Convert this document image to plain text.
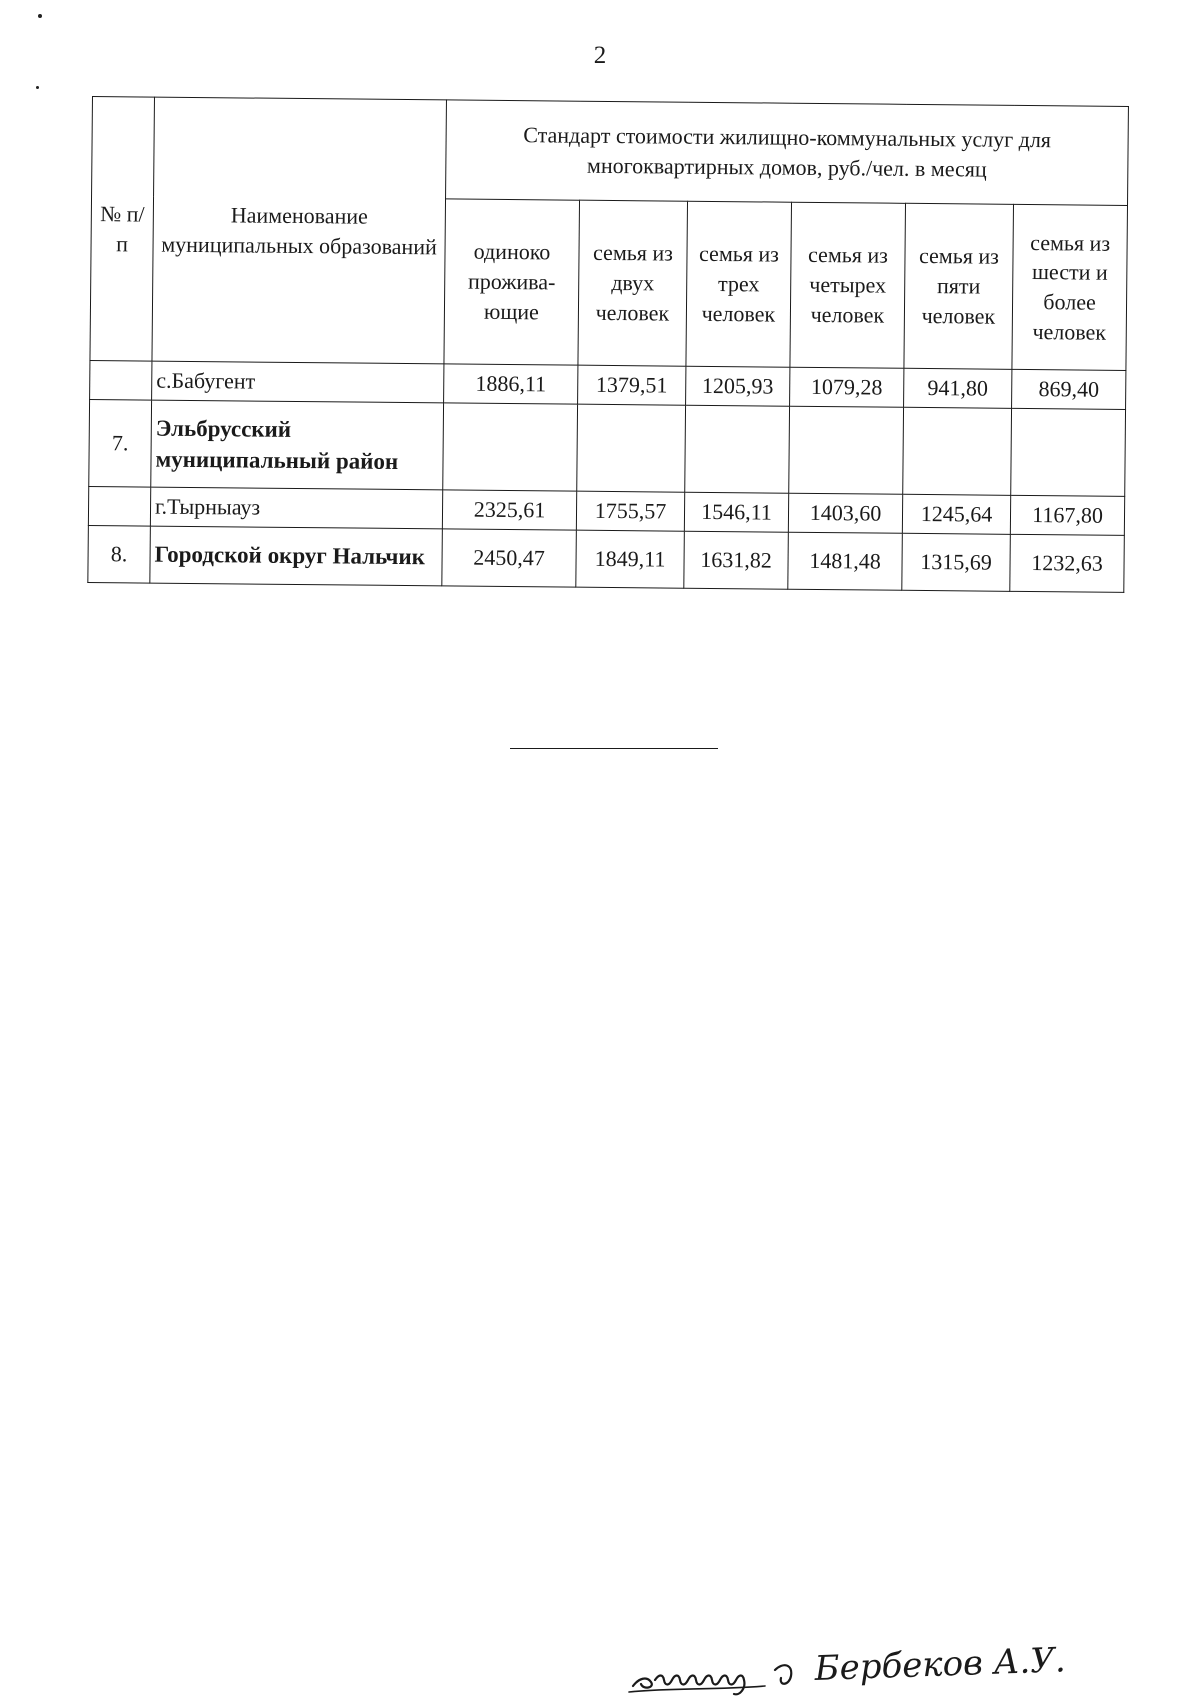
2
№ п/п	Наименование муниципальных образований	Стандарт стоимости жилищно-коммунальных услуг для многоквартирных домов, руб./чел. в месяц					
		одиноко прожива-ющие	семья из двух человек	семья из трех человек	семья из четырех человек	семья из пяти человек	семья из шести и более человек
	с.Бабугент	1886,11	1379,51	1205,93	1079,28	941,80	869,40
7.	Эльбрусский муниципальный район						
	г.Тырныауз	2325,61	1755,57	1546,11	1403,60	1245,64	1167,80
8.	Городской округ Нальчик	2450,47	1849,11	1631,82	1481,48	1315,69	1232,63
Бербеков А.У.
